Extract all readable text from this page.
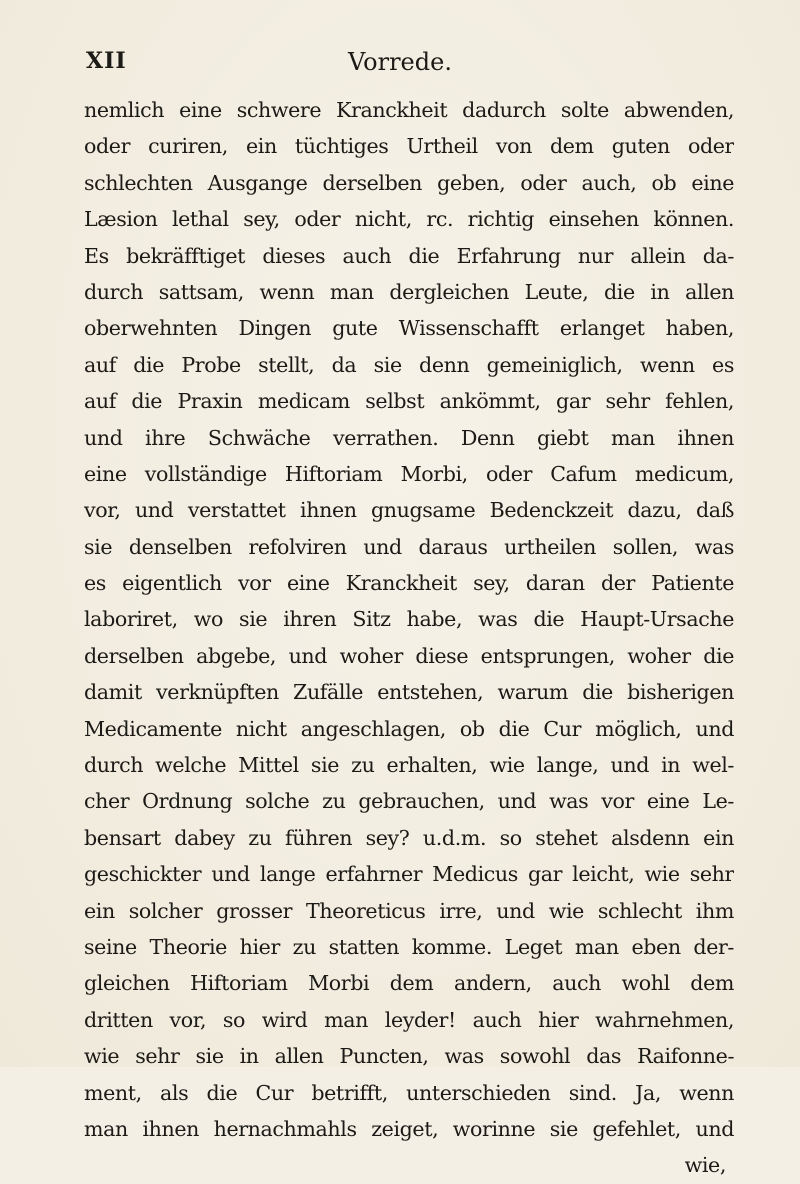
XII	Vorrede.
nemlich eine schwere Kranckheit dadurch solte abwenden,
oder curiren, ein tüchtiges Urtheil von dem guten oder
schlechten Ausgange derselben geben, oder auch, ob eine
Læsion lethal sey, oder nicht, rc. richtig einsehen können.
Es bekräfftiget dieses auch die Erfahrung nur allein da-
durch sattsam, wenn man dergleichen Leute, die in allen
oberwehnten Dingen gute Wissenschafft erlanget haben,
auf die Probe stellt, da sie denn gemeiniglich, wenn es
auf die Praxin medicam selbst ankömmt, gar sehr fehlen,
und ihre Schwäche verrathen. Denn giebt man ihnen
eine vollständige Hiftoriam Morbi, oder Cafum medicum,
vor, und verstattet ihnen gnugsame Bedenckzeit dazu, daß
sie denselben refolviren und daraus urtheilen sollen, was
es eigentlich vor eine Kranckheit sey, daran der Patiente
laboriret, wo sie ihren Sitz habe, was die Haupt-Ursache
derselben abgebe, und woher diese entsprungen, woher die
damit verknüpften Zufälle entstehen, warum die bisherigen
Medicamente nicht angeschlagen, ob die Cur möglich, und
durch welche Mittel sie zu erhalten, wie lange, und in wel-
cher Ordnung solche zu gebrauchen, und was vor eine Le-
bensart dabey zu führen sey? u.d.m. so stehet alsdenn ein
geschickter und lange erfahrner Medicus gar leicht, wie sehr
ein solcher grosser Theoreticus irre, und wie schlecht ihm
seine Theorie hier zu statten komme. Leget man eben der-
gleichen Hiftoriam Morbi dem andern, auch wohl dem
dritten vor, so wird man leyder! auch hier wahrnehmen,
wie sehr sie in allen Puncten, was sowohl das Raifonne-
ment, als die Cur betrifft, unterschieden sind. Ja, wenn
man ihnen hernachmahls zeiget, worinne sie gefehlet, und
wie,
